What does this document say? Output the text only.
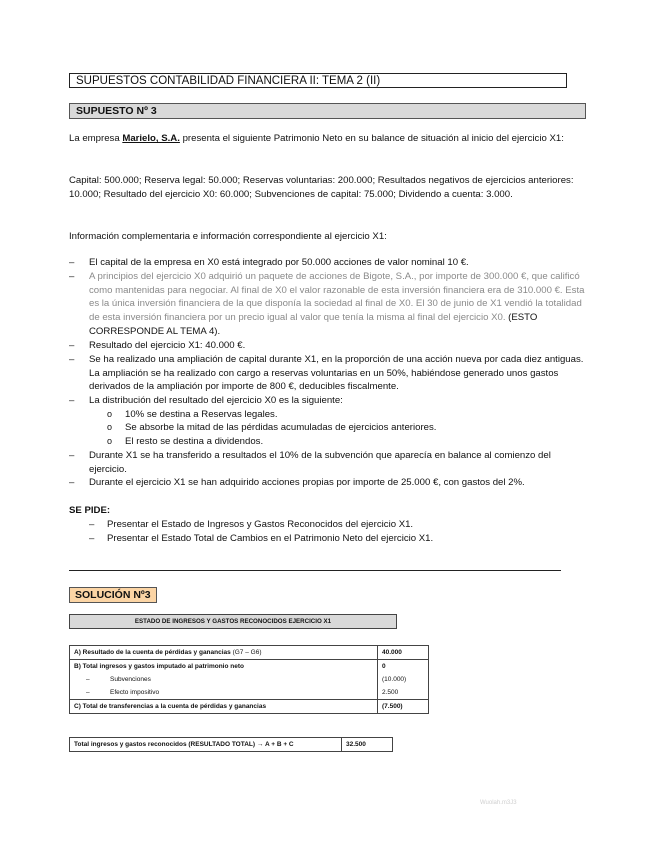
SUPUESTOS CONTABILIDAD FINANCIERA II: TEMA 2 (II)
SUPUESTO Nº 3
La empresa Marielo, S.A. presenta el siguiente Patrimonio Neto en su balance de situación al inicio del ejercicio X1:
Capital: 500.000; Reserva legal: 50.000; Reservas voluntarias: 200.000; Resultados negativos de ejercicios anteriores: 10.000; Resultado del ejercicio X0: 60.000; Subvenciones de capital: 75.000; Dividendo a cuenta: 3.000.
Información complementaria e información correspondiente al ejercicio X1:
– El capital de la empresa en X0 está integrado por 50.000 acciones de valor nominal 10 €.
– A principios del ejercicio X0 adquirió un paquete de acciones de Bigote, S.A., por importe de 300.000 €, que calificó como mantenidas para negociar. Al final de X0 el valor razonable de esta inversión financiera era de 310.000 €. Esta es la única inversión financiera de la que disponía la sociedad al final de X0. El 30 de junio de X1 vendió la totalidad de esta inversión financiera por un precio igual al valor que tenía la misma al final del ejercicio X0. (ESTO CORRESPONDE AL TEMA 4).
– Resultado del ejercicio X1: 40.000 €.
– Se ha realizado una ampliación de capital durante X1, en la proporción de una acción nueva por cada diez antiguas. La ampliación se ha realizado con cargo a reservas voluntarias en un 50%, habiéndose generado unos gastos derivados de la ampliación por importe de 800 €, deducibles fiscalmente.
– La distribución del resultado del ejercicio X0 es la siguiente:
o 10% se destina a Reservas legales.
o Se absorbe la mitad de las pérdidas acumuladas de ejercicios anteriores.
o El resto se destina a dividendos.
– Durante X1 se ha transferido a resultados el 10% de la subvención que aparecía en balance al comienzo del ejercicio.
– Durante el ejercicio X1 se han adquirido acciones propias por importe de 25.000 €, con gastos del 2%.
SE PIDE:
– Presentar el Estado de Ingresos y Gastos Reconocidos del ejercicio X1.
– Presentar el Estado Total de Cambios en el Patrimonio Neto del ejercicio X1.
SOLUCIÓN Nº3
ESTADO DE INGRESOS Y GASTOS RECONOCIDOS EJERCICIO X1
A) Resultado de la cuenta de pérdidas y ganancias (G7 – G6)	40.000
B) Total ingresos y gastos imputado al patrimonio neto	0

– Subvenciones	(10.000)

– Efecto impositivo	2.500
C) Total de transferencias a la cuenta de pérdidas y ganancias	(7.500)
Total ingresos y gastos reconocidos (RESULTADO TOTAL) → A + B + C	32.500
Wuolah.m3J3
